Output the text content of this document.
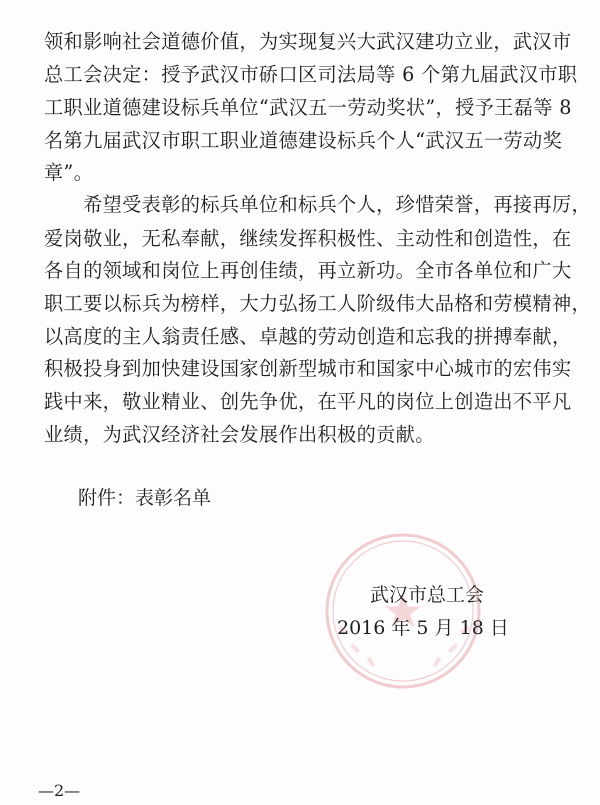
领和影响社会道德价值，为实现复兴大武汉建功立业，武汉市
总工会决定：授予武汉市硚口区司法局等 6 个第九届武汉市职
工职业道德建设标兵单位“武汉五一劳动奖状”，授予王磊等 8
名第九届武汉市职工职业道德建设标兵个人“武汉五一劳动奖
章”。
　　希望受表彰的标兵单位和标兵个人，珍惜荣誉，再接再厉，
爱岗敬业，无私奉献，继续发挥积极性、主动性和创造性，在
各自的领域和岗位上再创佳绩，再立新功。全市各单位和广大
职工要以标兵为榜样，大力弘扬工人阶级伟大品格和劳模精神，
以高度的主人翁责任感、卓越的劳动创造和忘我的拼搏奉献，
积极投身到加快建设国家创新型城市和国家中心城市的宏伟实
践中来，敬业精业、创先争优，在平凡的岗位上创造出不平凡
业绩，为武汉经济社会发展作出积极的贡献。
附件：表彰名单
武汉市总工会
2016 年 5 月 18 日
—2—
